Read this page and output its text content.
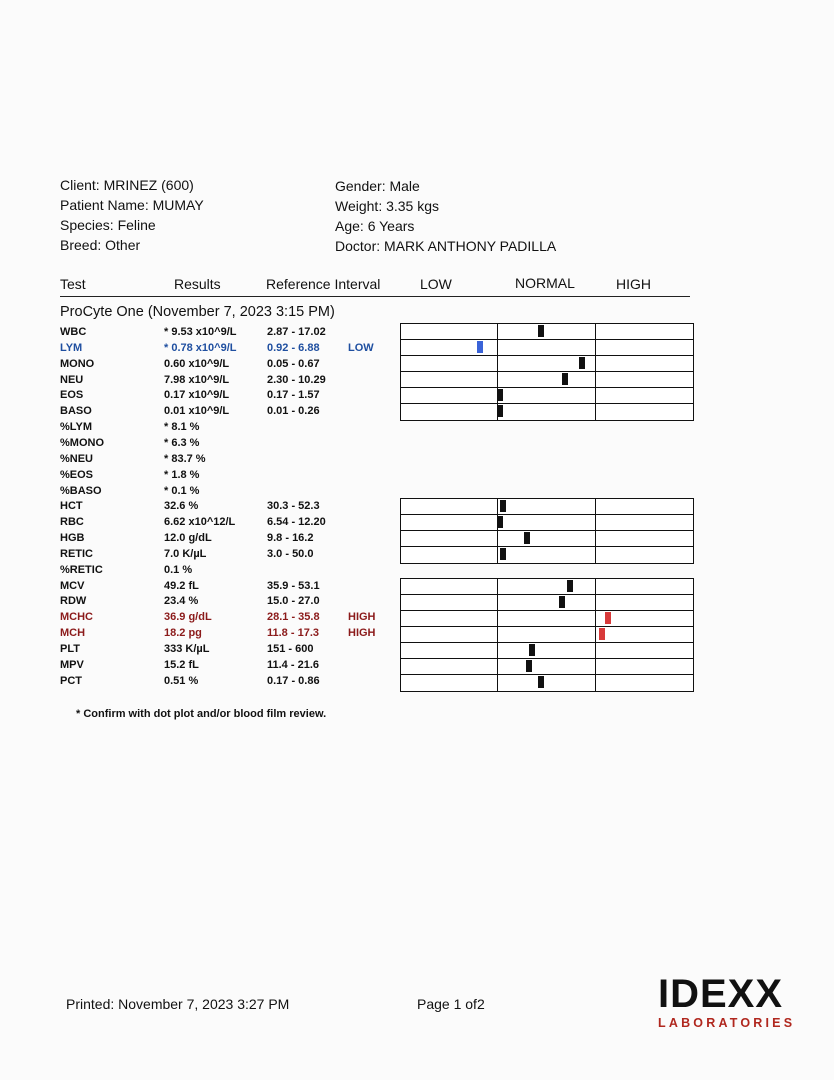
Client: MRINEZ (600)
Patient Name: MUMAY
Species: Feline
Breed: Other
Gender: Male
Weight: 3.35 kgs
Age: 6 Years
Doctor: MARK ANTHONY PADILLA
Test	Results	Reference Interval	LOW	NORMAL	HIGH
ProCyte One (November 7, 2023 3:15 PM)
WBC	* 9.53 x10^9/L	2.87 - 17.02
LYM	* 0.78 x10^9/L	0.92 - 6.88	LOW
MONO	0.60 x10^9/L	0.05 - 0.67
NEU	7.98 x10^9/L	2.30 - 10.29
EOS	0.17 x10^9/L	0.17 - 1.57
BASO	0.01 x10^9/L	0.01 - 0.26
%LYM	* 8.1 %
%MONO	* 6.3 %
%NEU	* 83.7 %
%EOS	* 1.8 %
%BASO	* 0.1 %
HCT	32.6 %	30.3 - 52.3
RBC	6.62 x10^12/L	6.54 - 12.20
HGB	12.0 g/dL	9.8 - 16.2
RETIC	7.0 K/µL	3.0 - 50.0
%RETIC	0.1 %
MCV	49.2 fL	35.9 - 53.1
RDW	23.4 %	15.0 - 27.0
MCHC	36.9 g/dL	28.1 - 35.8	HIGH
MCH	18.2 pg	11.8 - 17.3	HIGH
PLT	333 K/µL	151 - 600
MPV	15.2 fL	11.4 - 21.6
PCT	0.51 %	0.17 - 0.86
* Confirm with dot plot and/or blood film review.
Printed: November 7, 2023 3:27 PM	Page 1 of2	IDEXX
LABORATORIES
